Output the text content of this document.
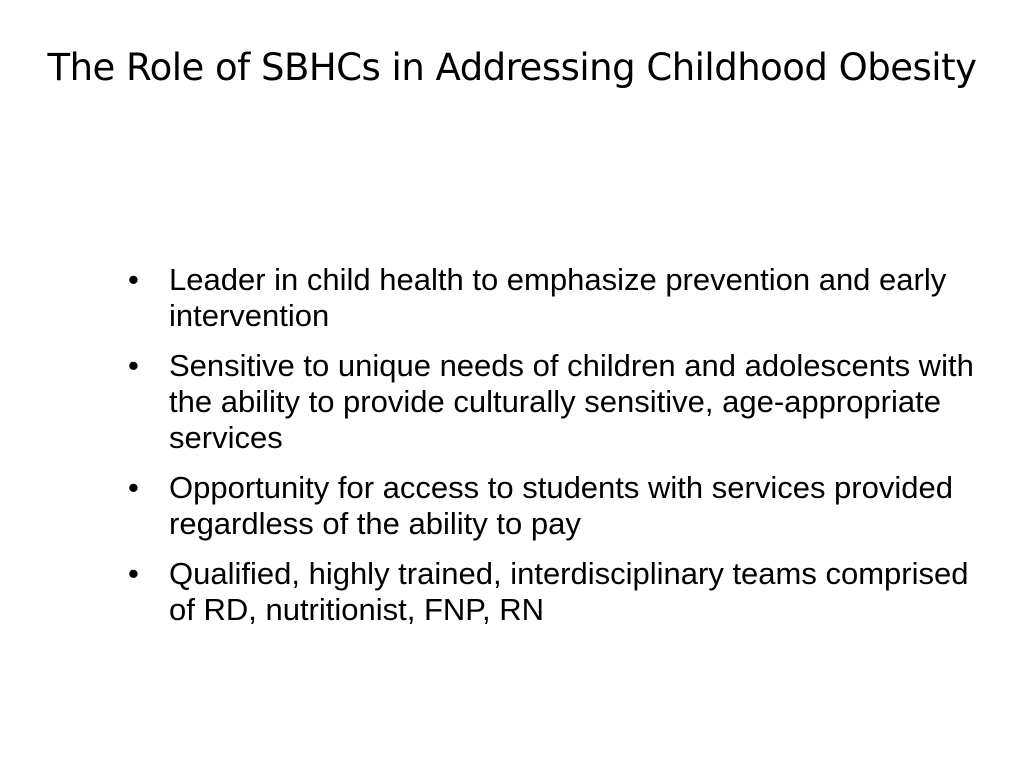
The Role of SBHCs in Addressing Childhood Obesity
• Leader in child health to emphasize prevention and early intervention
• Sensitive to unique needs of children and adolescents with the ability to provide culturally sensitive, age-appropriate services
• Opportunity for access to students with services provided regardless of the ability to pay
• Qualified, highly trained, interdisciplinary teams comprised of RD, nutritionist, FNP, RN
